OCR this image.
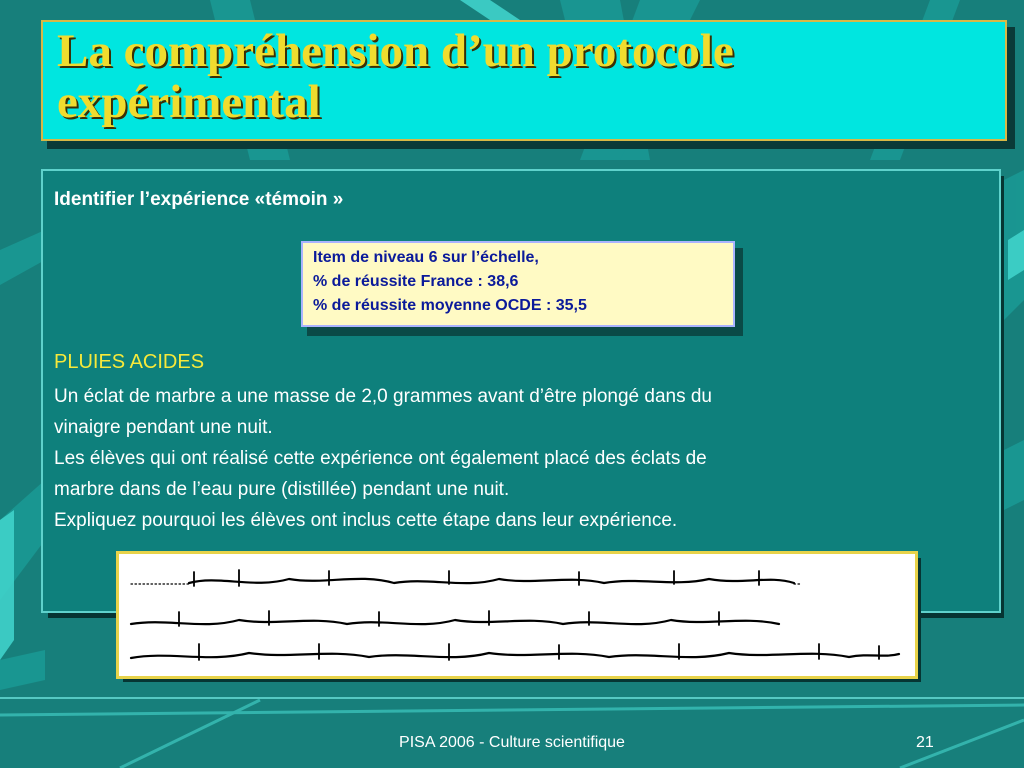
La compréhension d’un protocole
expérimental
Identifier l’expérience «témoin »
Item de niveau 6 sur l’échelle,
% de réussite France : 38,6
% de réussite moyenne OCDE : 35,5
PLUIES ACIDES
Un éclat de marbre a une masse de 2,0 grammes avant d’être plongé dans du
vinaigre pendant une nuit.
Les élèves qui ont réalisé cette expérience ont également placé des éclats de
marbre dans de l’eau pure (distillée) pendant une nuit.
Expliquez pourquoi les élèves ont inclus cette étape dans leur expérience.
PISA 2006 - Culture scientifique	21
